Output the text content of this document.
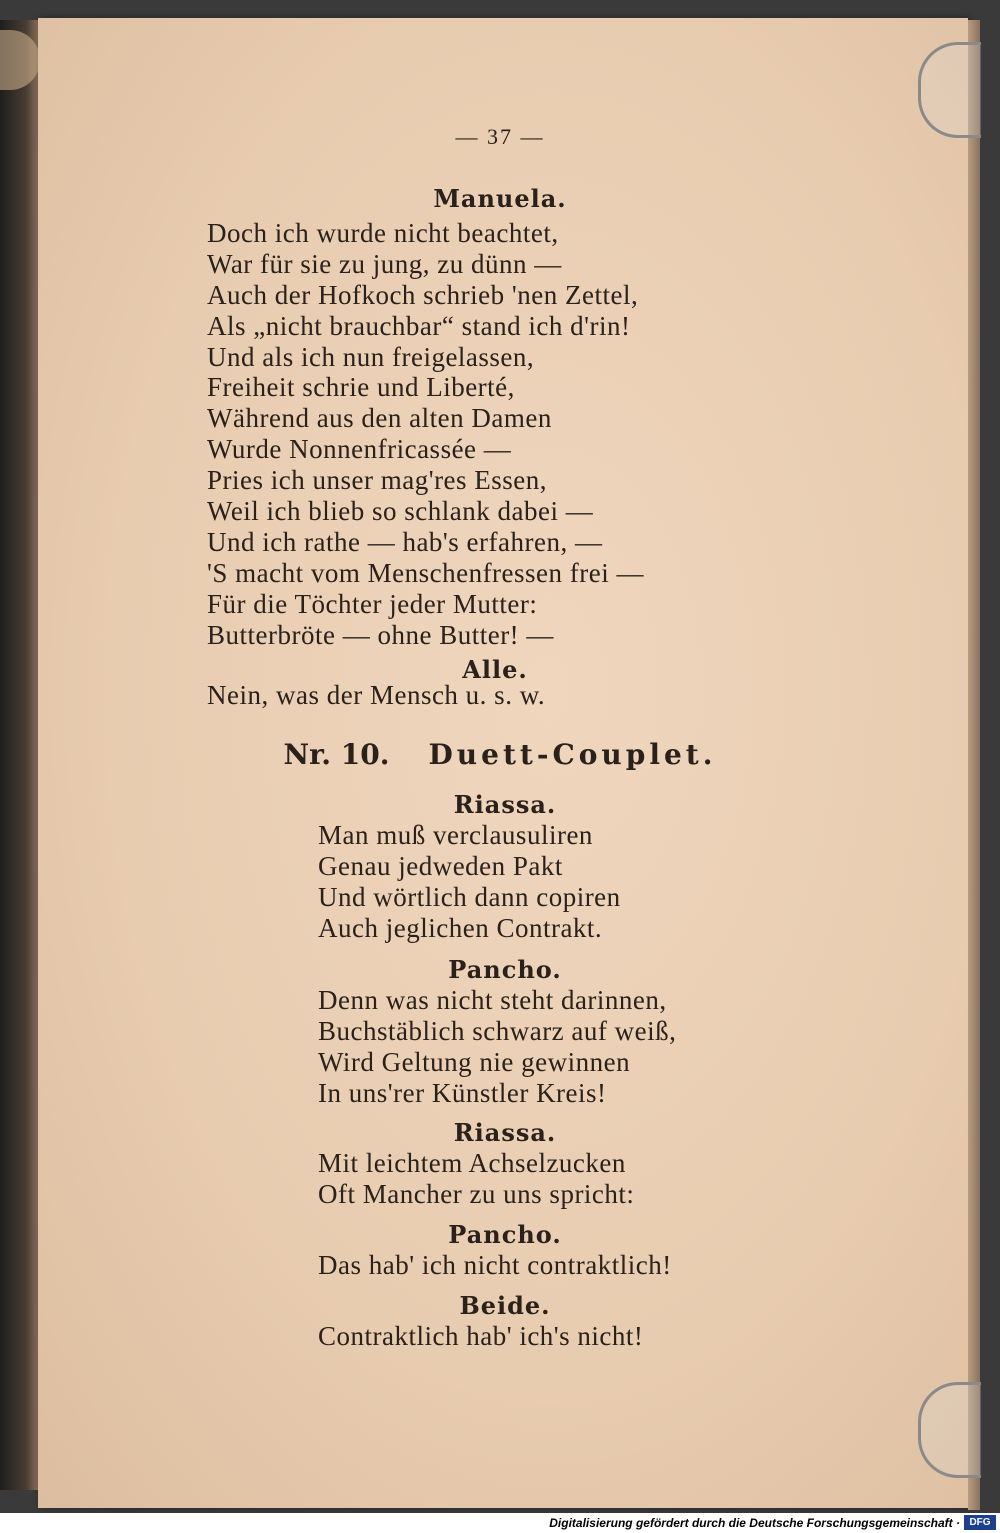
— 37 —
Manuela.
Doch ich wurde nicht beachtet,
War für sie zu jung, zu dünn —
Auch der Hofkoch schrieb 'nen Zettel,
Als „nicht brauchbar“ stand ich d'rin!
Und als ich nun freigelassen,
Freiheit schrie und Liberté,
Während aus den alten Damen
Wurde Nonnenfricassée —
Pries ich unser mag'res Essen,
Weil ich blieb so schlank dabei —
Und ich rathe — hab's erfahren, —
'S macht vom Menschenfressen frei —
Für die Töchter jeder Mutter:
Butterbröte — ohne Butter! —
Alle.
Nein, was der Mensch u. s. w.
Nr. 10. Duett-Couplet.
Riassa.
Man muß verclausuliren
Genau jedweden Pakt
Und wörtlich dann copiren
Auch jeglichen Contrakt.
Pancho.
Denn was nicht steht darinnen,
Buchstäblich schwarz auf weiß,
Wird Geltung nie gewinnen
In uns'rer Künstler Kreis!
Riassa.
Mit leichtem Achselzucken
Oft Mancher zu uns spricht:
Pancho.
Das hab' ich nicht contraktlich!
Beide.
Contraktlich hab' ich's nicht!
Digitalisierung gefördert durch die Deutsche Forschungsgemeinschaft · DFG
